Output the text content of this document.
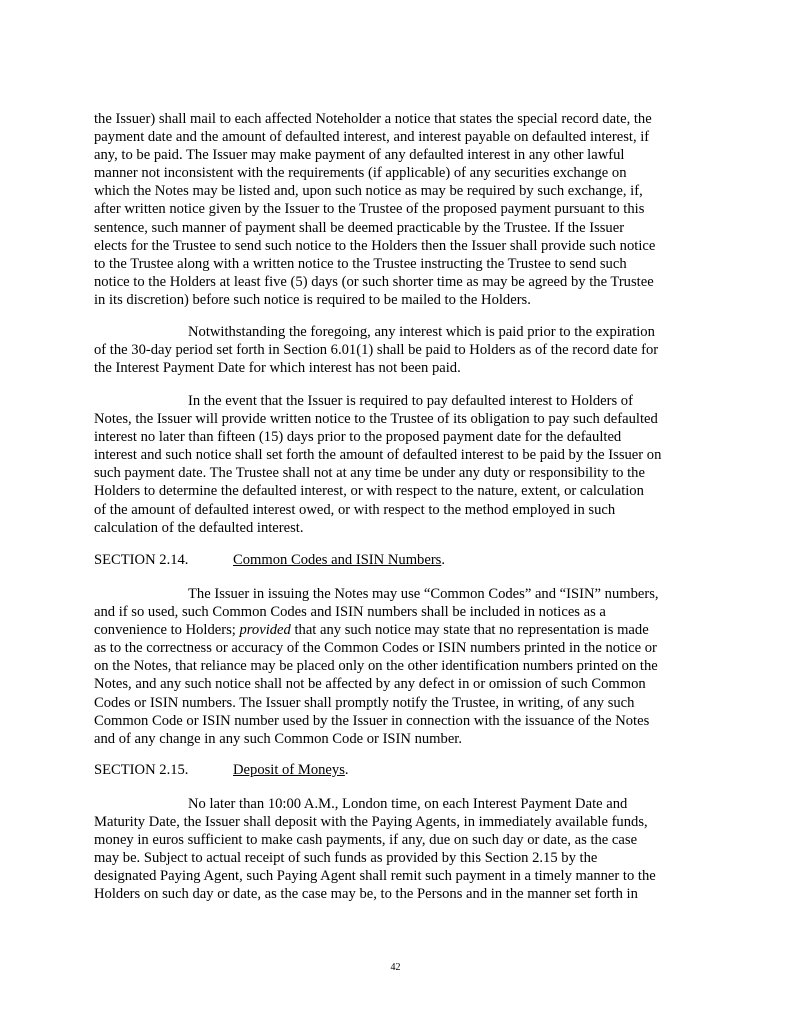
the Issuer) shall mail to each affected Noteholder a notice that states the special record date, the
payment date and the amount of defaulted interest, and interest payable on defaulted interest, if
any, to be paid. The Issuer may make payment of any defaulted interest in any other lawful
manner not inconsistent with the requirements (if applicable) of any securities exchange on
which the Notes may be listed and, upon such notice as may be required by such exchange, if,
after written notice given by the Issuer to the Trustee of the proposed payment pursuant to this
sentence, such manner of payment shall be deemed practicable by the Trustee. If the Issuer
elects for the Trustee to send such notice to the Holders then the Issuer shall provide such notice
to the Trustee along with a written notice to the Trustee instructing the Trustee to send such
notice to the Holders at least five (5) days (or such shorter time as may be agreed by the Trustee
in its discretion) before such notice is required to be mailed to the Holders.
Notwithstanding the foregoing, any interest which is paid prior to the expiration
of the 30-day period set forth in Section 6.01(1) shall be paid to Holders as of the record date for
the Interest Payment Date for which interest has not been paid.
In the event that the Issuer is required to pay defaulted interest to Holders of
Notes, the Issuer will provide written notice to the Trustee of its obligation to pay such defaulted
interest no later than fifteen (15) days prior to the proposed payment date for the defaulted
interest and such notice shall set forth the amount of defaulted interest to be paid by the Issuer on
such payment date. The Trustee shall not at any time be under any duty or responsibility to the
Holders to determine the defaulted interest, or with respect to the nature, extent, or calculation
of the amount of defaulted interest owed, or with respect to the method employed in such
calculation of the defaulted interest.
SECTION 2.14.	Common Codes and ISIN Numbers.
The Issuer in issuing the Notes may use “Common Codes” and “ISIN” numbers,
and if so used, such Common Codes and ISIN numbers shall be included in notices as a
convenience to Holders; provided that any such notice may state that no representation is made
as to the correctness or accuracy of the Common Codes or ISIN numbers printed in the notice or
on the Notes, that reliance may be placed only on the other identification numbers printed on the
Notes, and any such notice shall not be affected by any defect in or omission of such Common
Codes or ISIN numbers. The Issuer shall promptly notify the Trustee, in writing, of any such
Common Code or ISIN number used by the Issuer in connection with the issuance of the Notes
and of any change in any such Common Code or ISIN number.
SECTION 2.15.	Deposit of Moneys.
No later than 10:00 A.M., London time, on each Interest Payment Date and
Maturity Date, the Issuer shall deposit with the Paying Agents, in immediately available funds,
money in euros sufficient to make cash payments, if any, due on such day or date, as the case
may be. Subject to actual receipt of such funds as provided by this Section 2.15 by the
designated Paying Agent, such Paying Agent shall remit such payment in a timely manner to the
Holders on such day or date, as the case may be, to the Persons and in the manner set forth in
42
